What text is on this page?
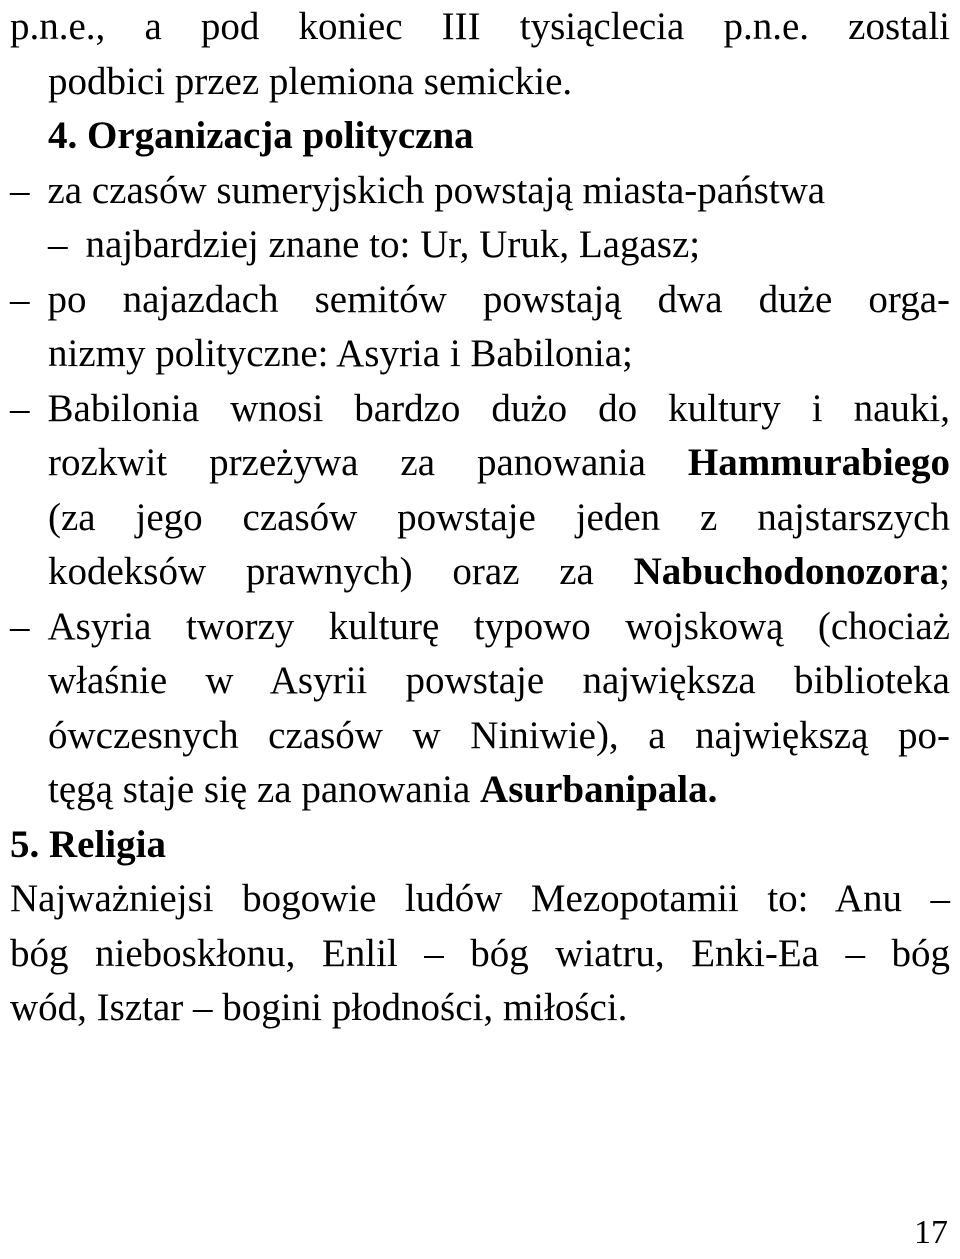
p.n.e., a pod koniec III tysiąclecia p.n.e. zostali
podbici przez plemiona semickie.
4. Organizacja polityczna
– za czasów sumeryjskich powstają miasta-państwa
– najbardziej znane to: Ur, Uruk, Lagasz;
– po najazdach semitów powstają dwa duże orga-
nizmy polityczne: Asyria i Babilonia;
– Babilonia wnosi bardzo dużo do kultury i nauki,
rozkwit przeżywa za panowania Hammurabiego
(za jego czasów powstaje jeden z najstarszych
kodeksów prawnych) oraz za Nabuchodonozora;
– Asyria tworzy kulturę typowo wojskową (chociaż
właśnie w Asyrii powstaje największa biblioteka
ówczesnych czasów w Niniwie), a największą po-
tęgą staje się za panowania Asurbanipala.
5. Religia
Najważniejsi bogowie ludów Mezopotamii to: Anu –
bóg nieboskłonu, Enlil – bóg wiatru, Enki-Ea – bóg
wód, Isztar – bogini płodności, miłości.
17
